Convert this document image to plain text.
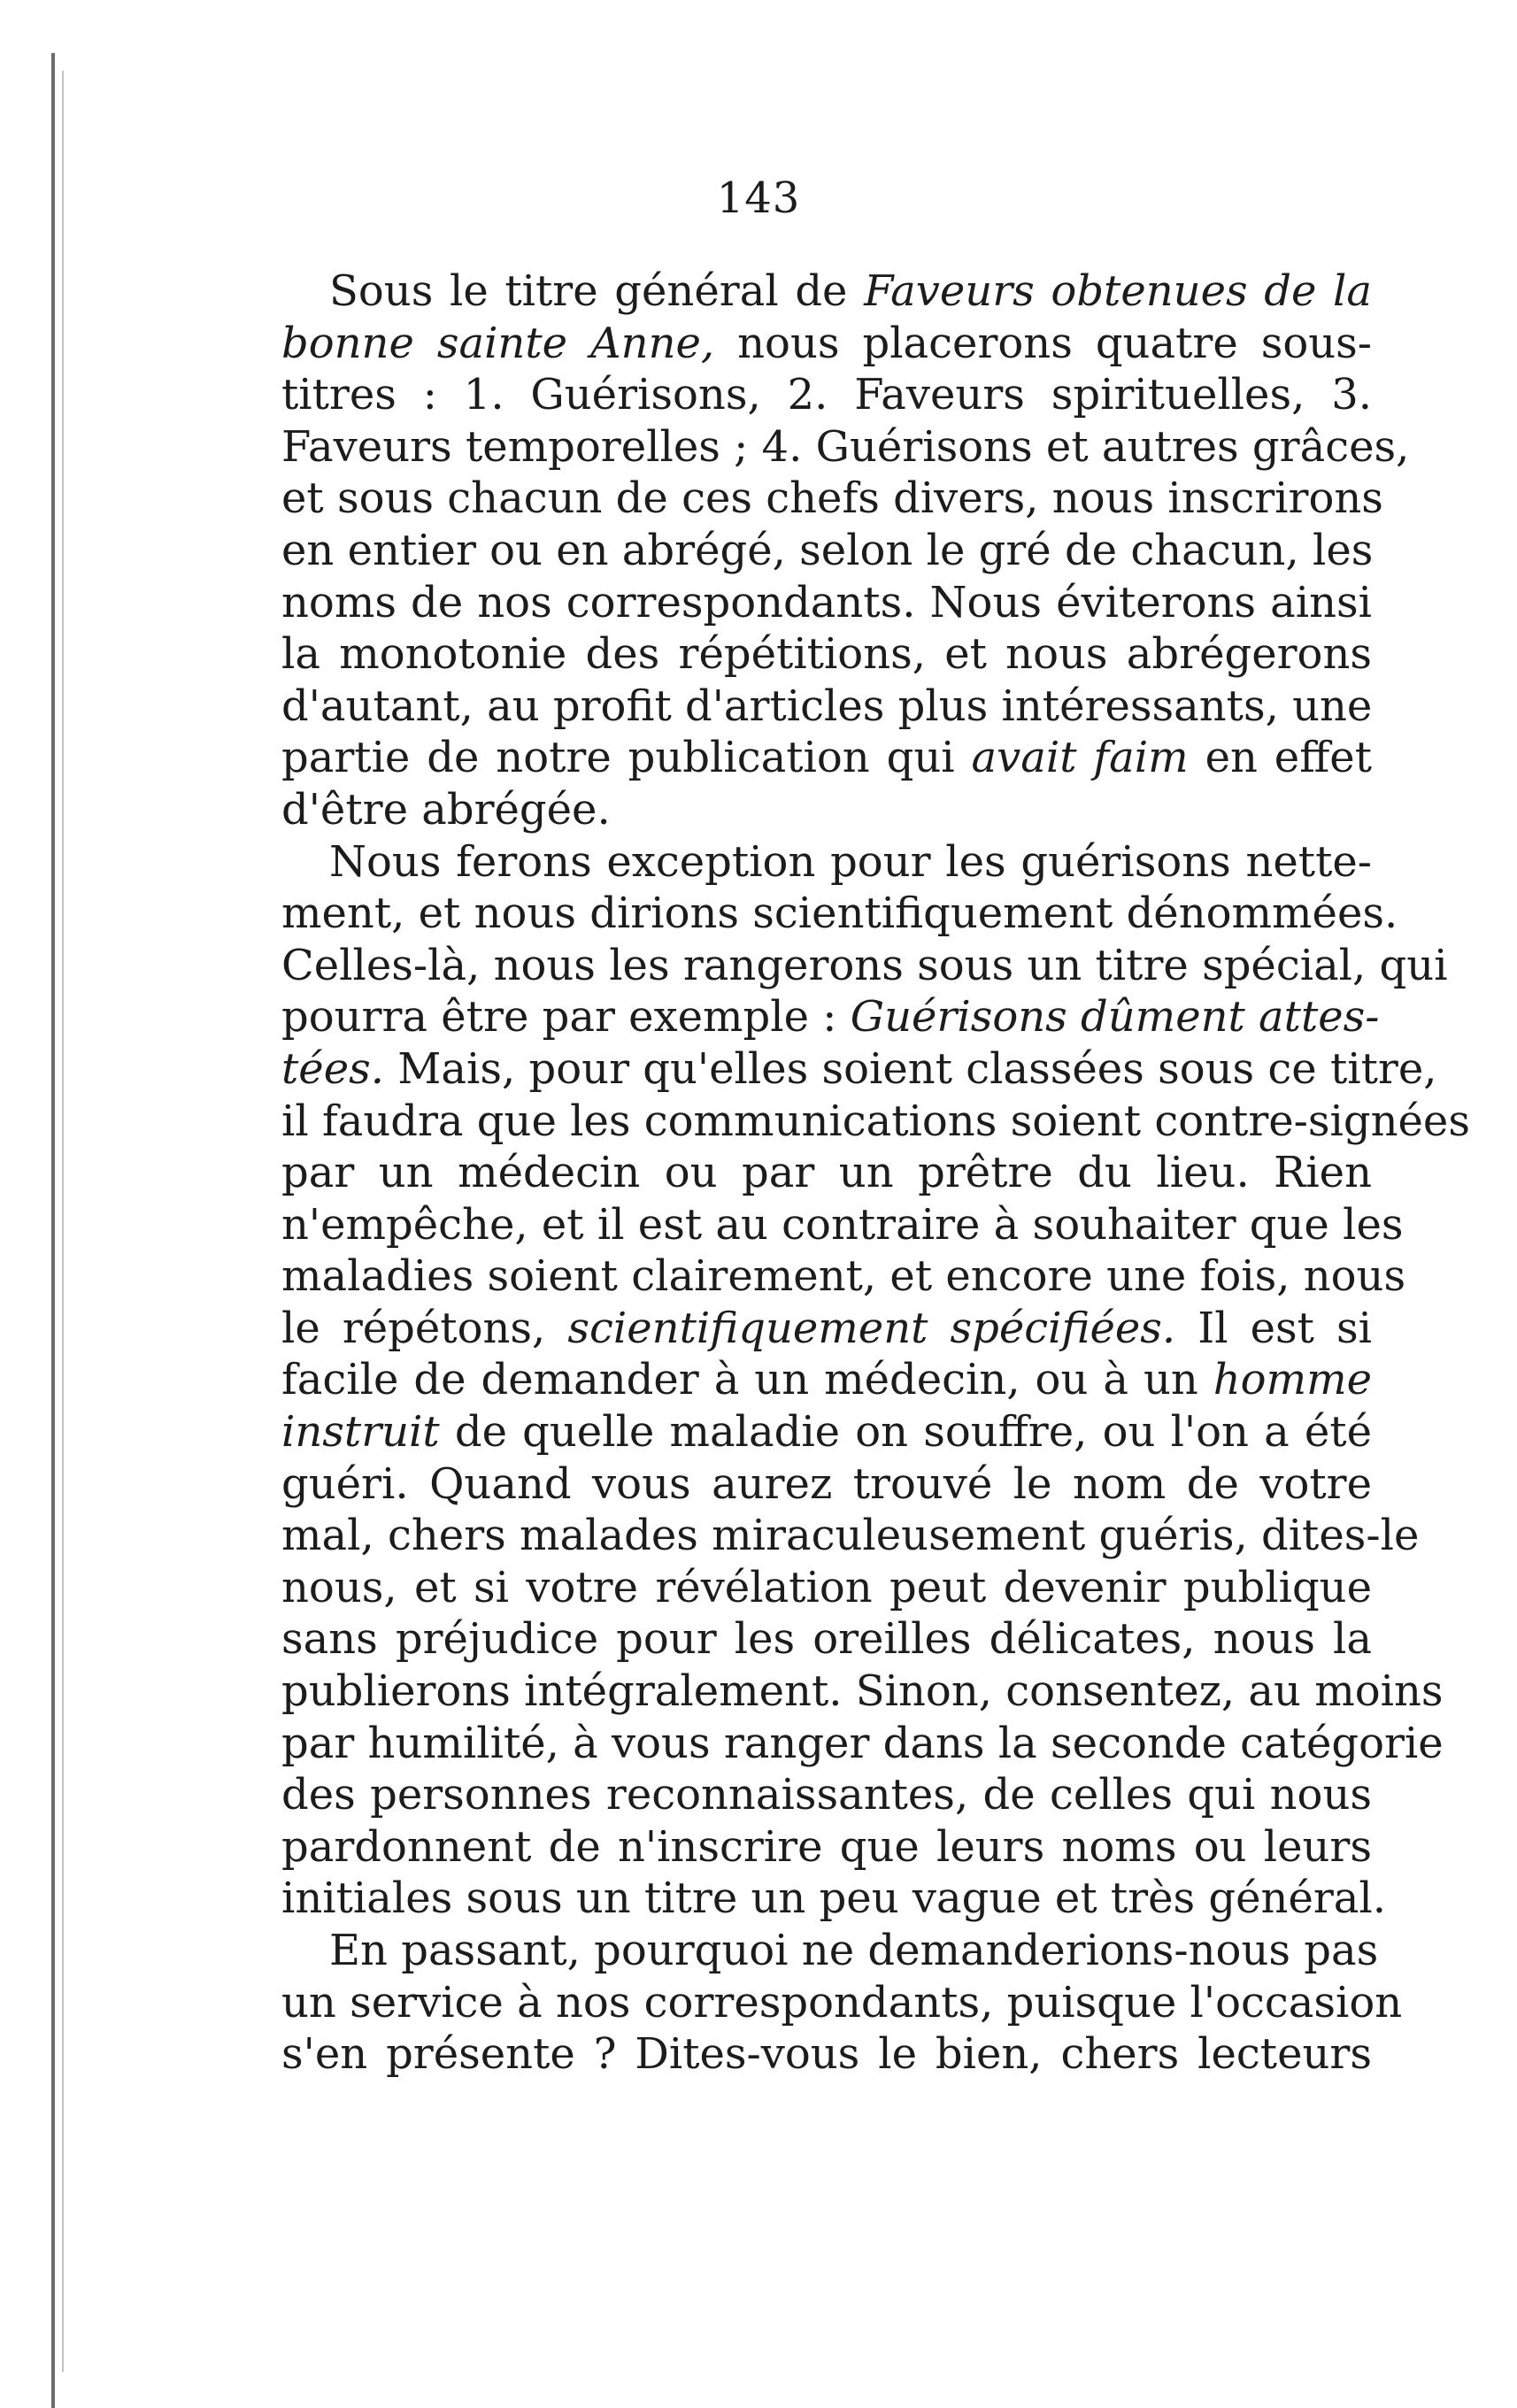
143
Sous le titre général de Faveurs obtenues de la
bonne sainte Anne, nous placerons quatre sous-
titres : 1. Guérisons, 2. Faveurs spirituelles, 3.
Faveurs temporelles ; 4. Guérisons et autres grâces,
et sous chacun de ces chefs divers, nous inscrirons
en entier ou en abrégé, selon le gré de chacun, les
noms de nos correspondants. Nous éviterons ainsi
la monotonie des répétitions, et nous abrégerons
d'autant, au profit d'articles plus intéressants, une
partie de notre publication qui avait faim en effet
d'être abrégée.
Nous ferons exception pour les guérisons nette-
ment, et nous dirions scientifiquement dénommées.
Celles-là, nous les rangerons sous un titre spécial, qui
pourra être par exemple : Guérisons dûment attes-
tées. Mais, pour qu'elles soient classées sous ce titre,
il faudra que les communications soient contre-signées
par un médecin ou par un prêtre du lieu. Rien
n'empêche, et il est au contraire à souhaiter que les
maladies soient clairement, et encore une fois, nous
le répétons, scientifiquement spécifiées. Il est si
facile de demander à un médecin, ou à un homme
instruit de quelle maladie on souffre, ou l'on a été
guéri. Quand vous aurez trouvé le nom de votre
mal, chers malades miraculeusement guéris, dites-le
nous, et si votre révélation peut devenir publique
sans préjudice pour les oreilles délicates, nous la
publierons intégralement. Sinon, consentez, au moins
par humilité, à vous ranger dans la seconde catégorie
des personnes reconnaissantes, de celles qui nous
pardonnent de n'inscrire que leurs noms ou leurs
initiales sous un titre un peu vague et très général.
En passant, pourquoi ne demanderions-nous pas
un service à nos correspondants, puisque l'occasion
s'en présente ? Dites-vous le bien, chers lecteurs
